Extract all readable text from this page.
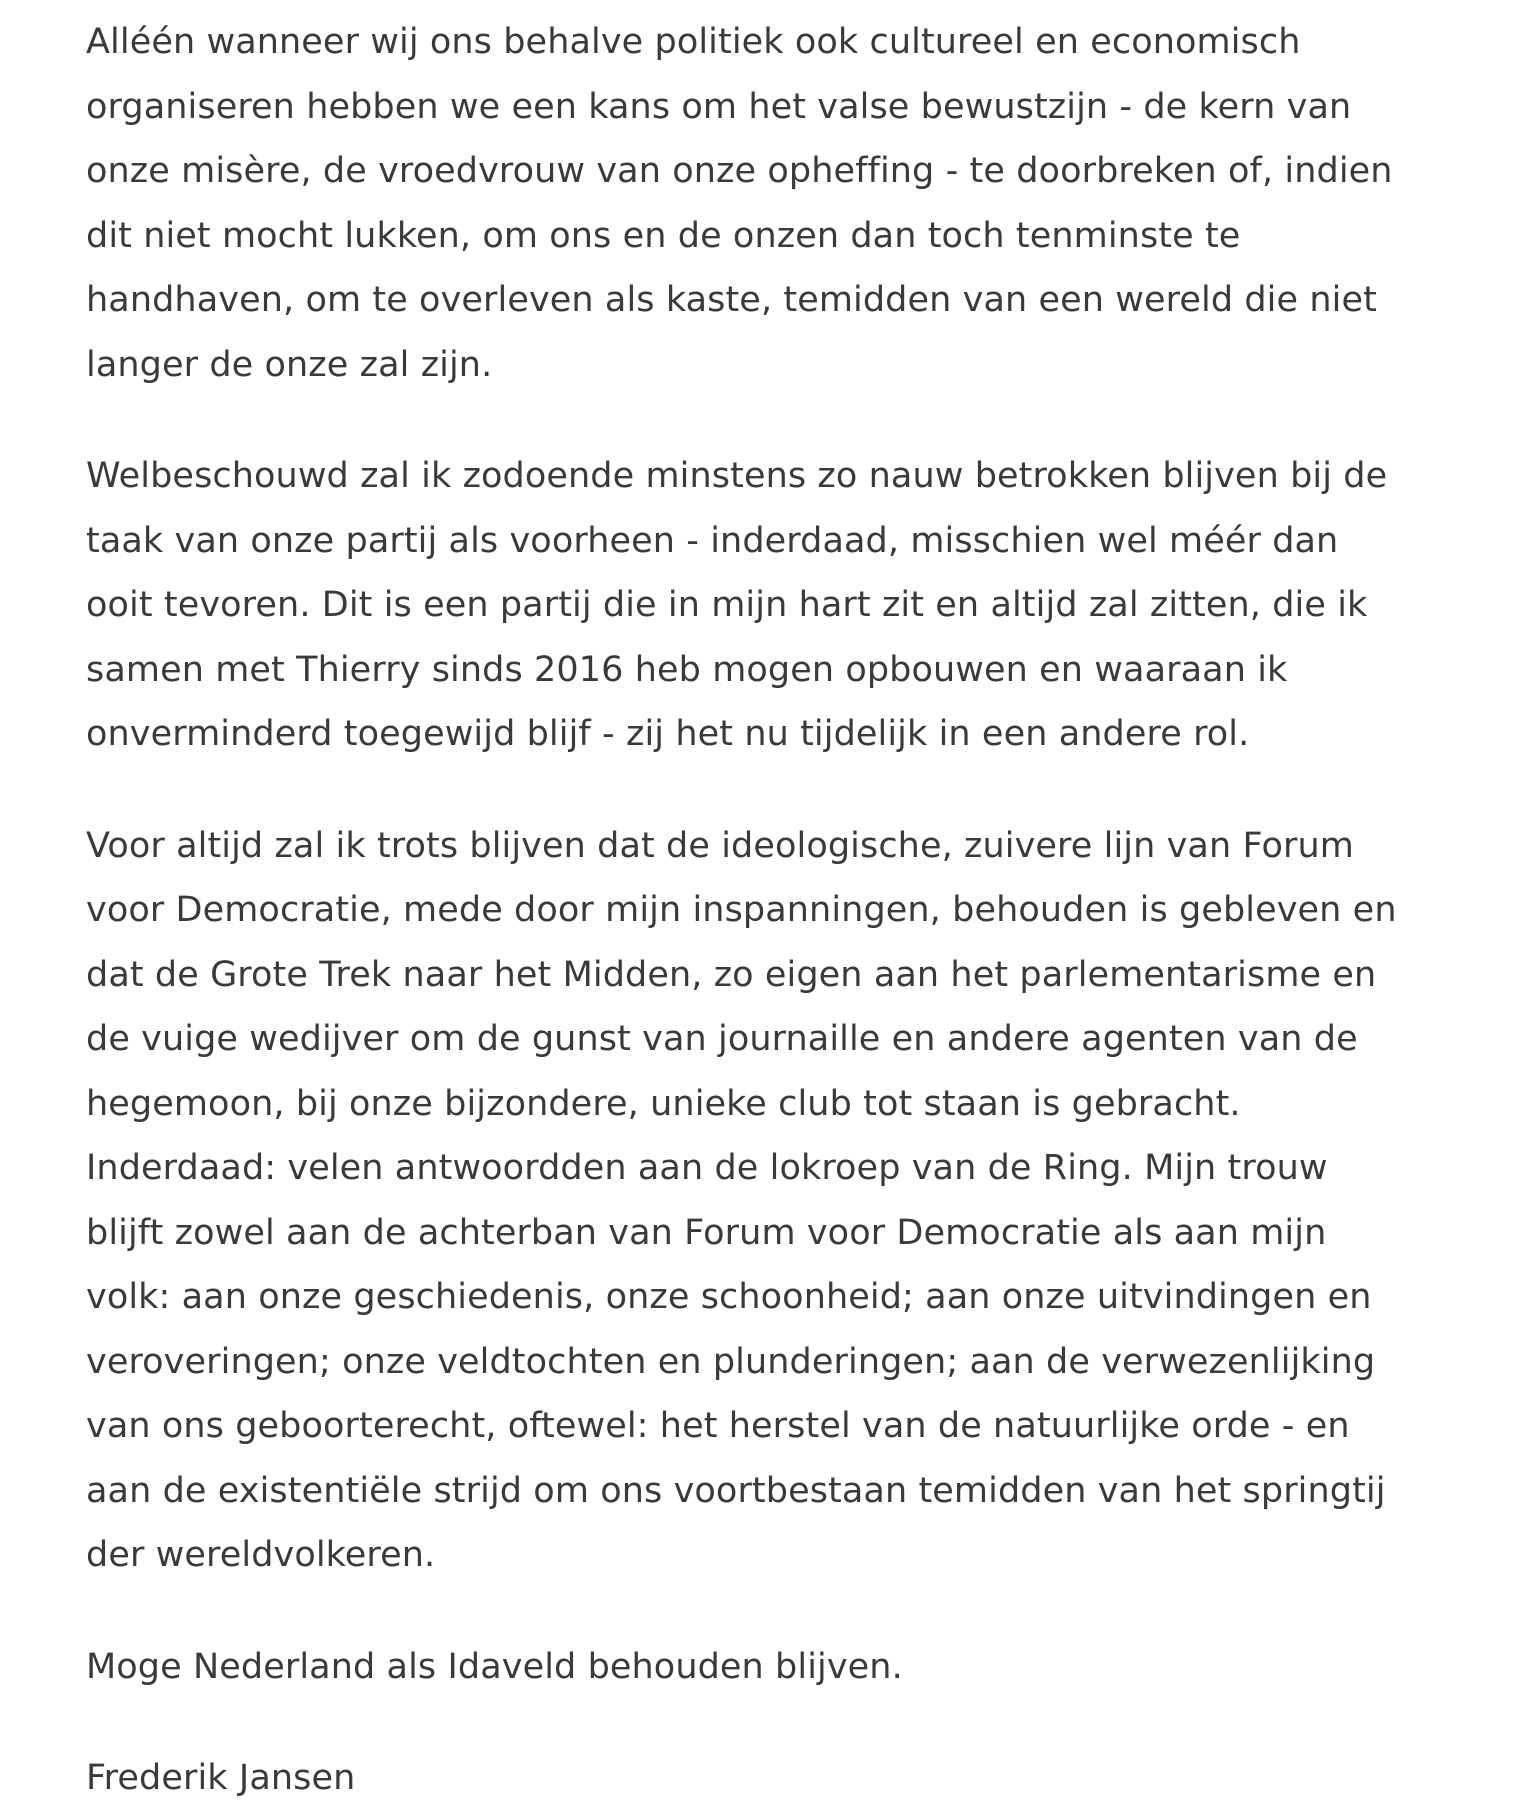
Alléén wanneer wij ons behalve politiek ook cultureel en economisch
organiseren hebben we een kans om het valse bewustzijn - de kern van
onze misère, de vroedvrouw van onze opheffing - te doorbreken of, indien
dit niet mocht lukken, om ons en de onzen dan toch tenminste te
handhaven, om te overleven als kaste, temidden van een wereld die niet
langer de onze zal zijn.

Welbeschouwd zal ik zodoende minstens zo nauw betrokken blijven bij de
taak van onze partij als voorheen - inderdaad, misschien wel méér dan
ooit tevoren. Dit is een partij die in mijn hart zit en altijd zal zitten, die ik
samen met Thierry sinds 2016 heb mogen opbouwen en waaraan ik
onverminderd toegewijd blijf - zij het nu tijdelijk in een andere rol.

Voor altijd zal ik trots blijven dat de ideologische, zuivere lijn van Forum
voor Democratie, mede door mijn inspanningen, behouden is gebleven en
dat de Grote Trek naar het Midden, zo eigen aan het parlementarisme en
de vuige wedijver om de gunst van journaille en andere agenten van de
hegemoon, bij onze bijzondere, unieke club tot staan is gebracht.
Inderdaad: velen antwoordden aan de lokroep van de Ring. Mijn trouw
blijft zowel aan de achterban van Forum voor Democratie als aan mijn
volk: aan onze geschiedenis, onze schoonheid; aan onze uitvindingen en
veroveringen; onze veldtochten en plunderingen; aan de verwezenlijking
van ons geboorterecht, oftewel: het herstel van de natuurlijke orde - en
aan de existentiële strijd om ons voortbestaan temidden van het springtij
der wereldvolkeren.

Moge Nederland als Idaveld behouden blijven.

Frederik Jansen
